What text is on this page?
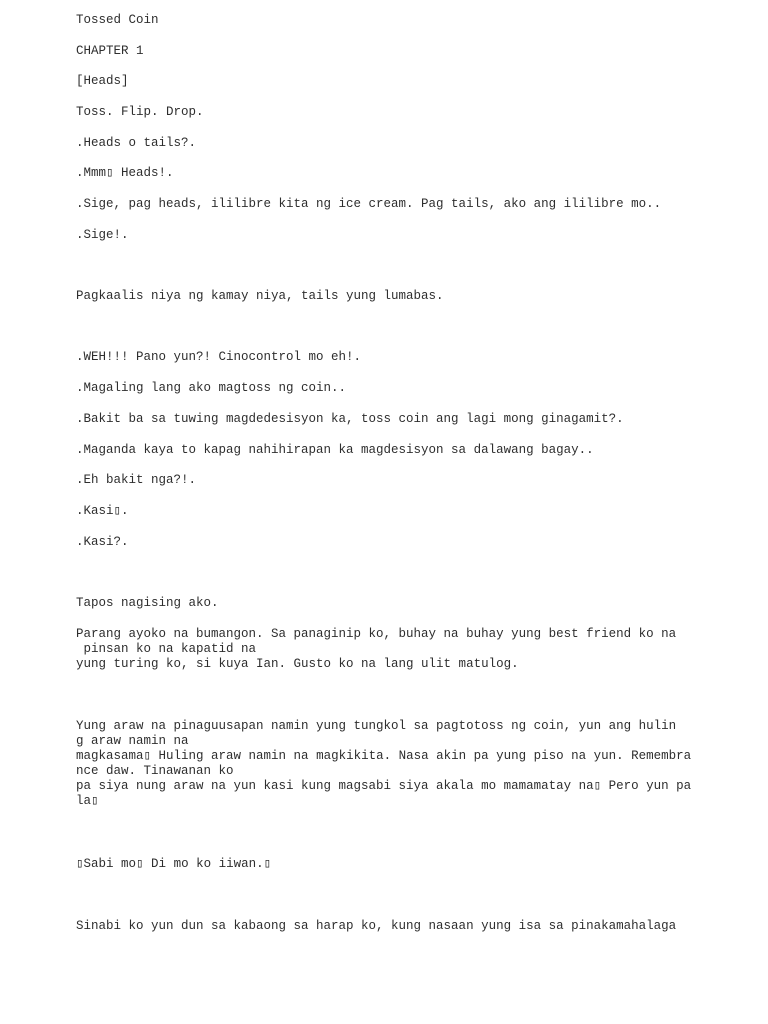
Tossed Coin

CHAPTER 1

[Heads]

Toss. Flip. Drop.

.Heads o tails?.

.Mmm▯ Heads!.

.Sige, pag heads, ililibre kita ng ice cream. Pag tails, ako ang ililibre mo..

.Sige!.

Pagkaalis niya ng kamay niya, tails yung lumabas.

.WEH!!! Pano yun?! Cinocontrol mo eh!.

.Magaling lang ako magtoss ng coin..

.Bakit ba sa tuwing magdedesisyon ka, toss coin ang lagi mong ginagamit?.

.Maganda kaya to kapag nahihirapan ka magdesisyon sa dalawang bagay..

.Eh bakit nga?!.

.Kasi▯.

.Kasi?.

Tapos nagising ako.

Parang ayoko na bumangon. Sa panaginip ko, buhay na buhay yung best friend ko na
pinsan ko na kapatid na
yung turing ko, si kuya Ian. Gusto ko na lang ulit matulog.

Yung araw na pinaguusapan namin yung tungkol sa pagtotoss ng coin, yun ang hulin
g araw namin na
magkasama▯ Huling araw namin na magkikita. Nasa akin pa yung piso na yun. Remembra
nce daw. Tinawanan ko
pa siya nung araw na yun kasi kung magsabi siya akala mo mamamatay na▯ Pero yun pa
la▯

▯Sabi mo▯ Di mo ko iiwan.▯

Sinabi ko yun dun sa kabaong sa harap ko, kung nasaan yung isa sa pinakamahalaga
